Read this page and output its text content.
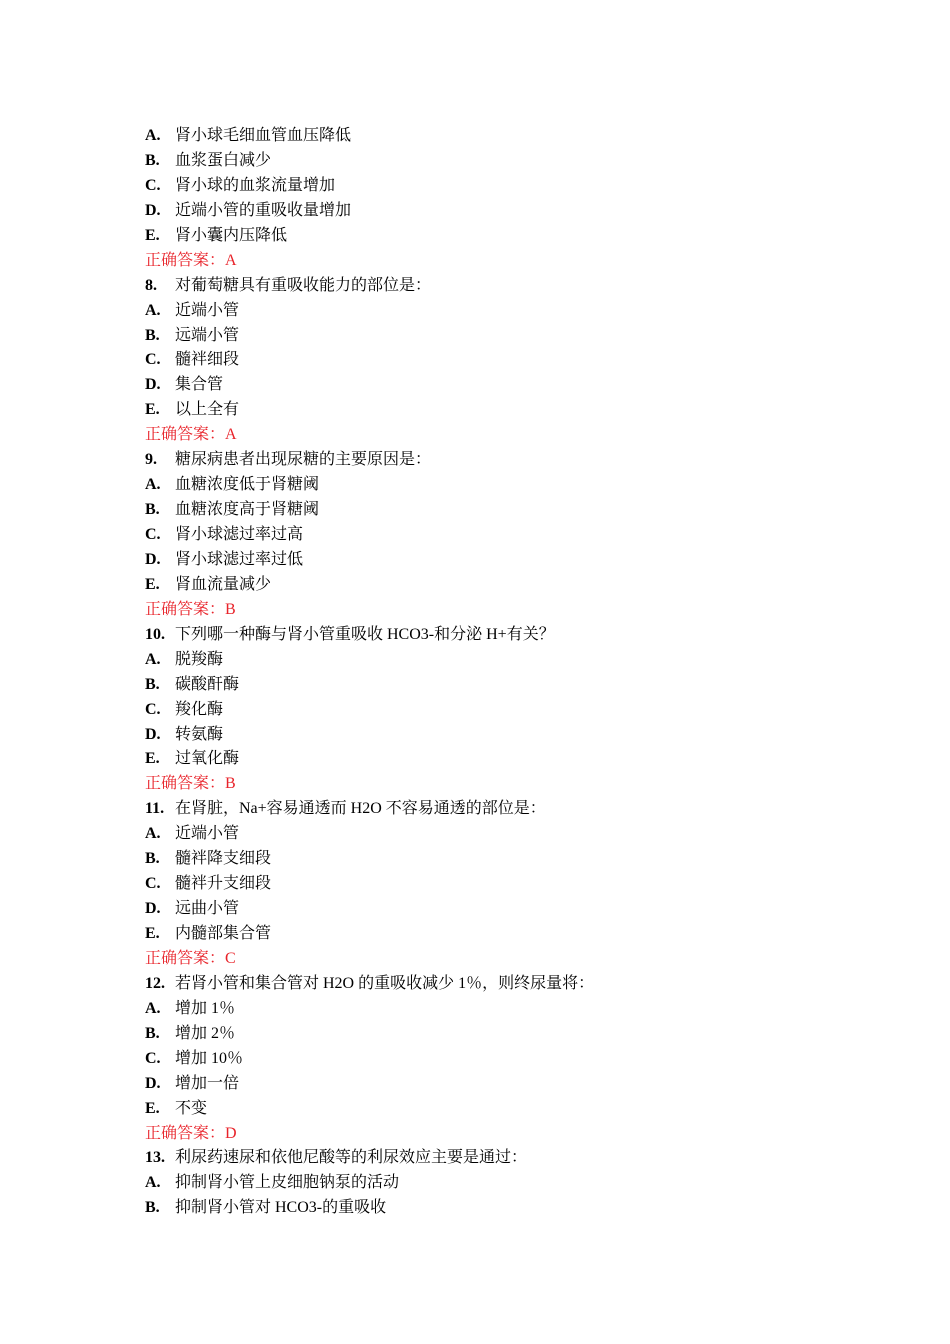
A. 肾小球毛细血管血压降低
B. 血浆蛋白减少
C. 肾小球的血浆流量增加
D. 近端小管的重吸收量增加
E. 肾小囊内压降低
正确答案：A
8. 对葡萄糖具有重吸收能力的部位是：
A. 近端小管
B. 远端小管
C. 髓袢细段
D. 集合管
E. 以上全有
正确答案：A
9. 糖尿病患者出现尿糖的主要原因是：
A. 血糖浓度低于肾糖阈
B. 血糖浓度高于肾糖阈
C. 肾小球滤过率过高
D. 肾小球滤过率过低
E. 肾血流量减少
正确答案：B
10. 下列哪一种酶与肾小管重吸收 HCO3-和分泌 H+有关？
A. 脱羧酶
B. 碳酸酐酶
C. 羧化酶
D. 转氨酶
E. 过氧化酶
正确答案：B
11. 在肾脏，Na+容易通透而 H2O 不容易通透的部位是：
A. 近端小管
B. 髓袢降支细段
C. 髓袢升支细段
D. 远曲小管
E. 内髓部集合管
正确答案：C
12. 若肾小管和集合管对 H2O 的重吸收减少 1％，则终尿量将：
A. 增加 1％
B. 增加 2％
C. 增加 10％
D. 增加一倍
E. 不变
正确答案：D
13. 利尿药速尿和依他尼酸等的利尿效应主要是通过：
A. 抑制肾小管上皮细胞钠泵的活动
B. 抑制肾小管对 HCO3-的重吸收
